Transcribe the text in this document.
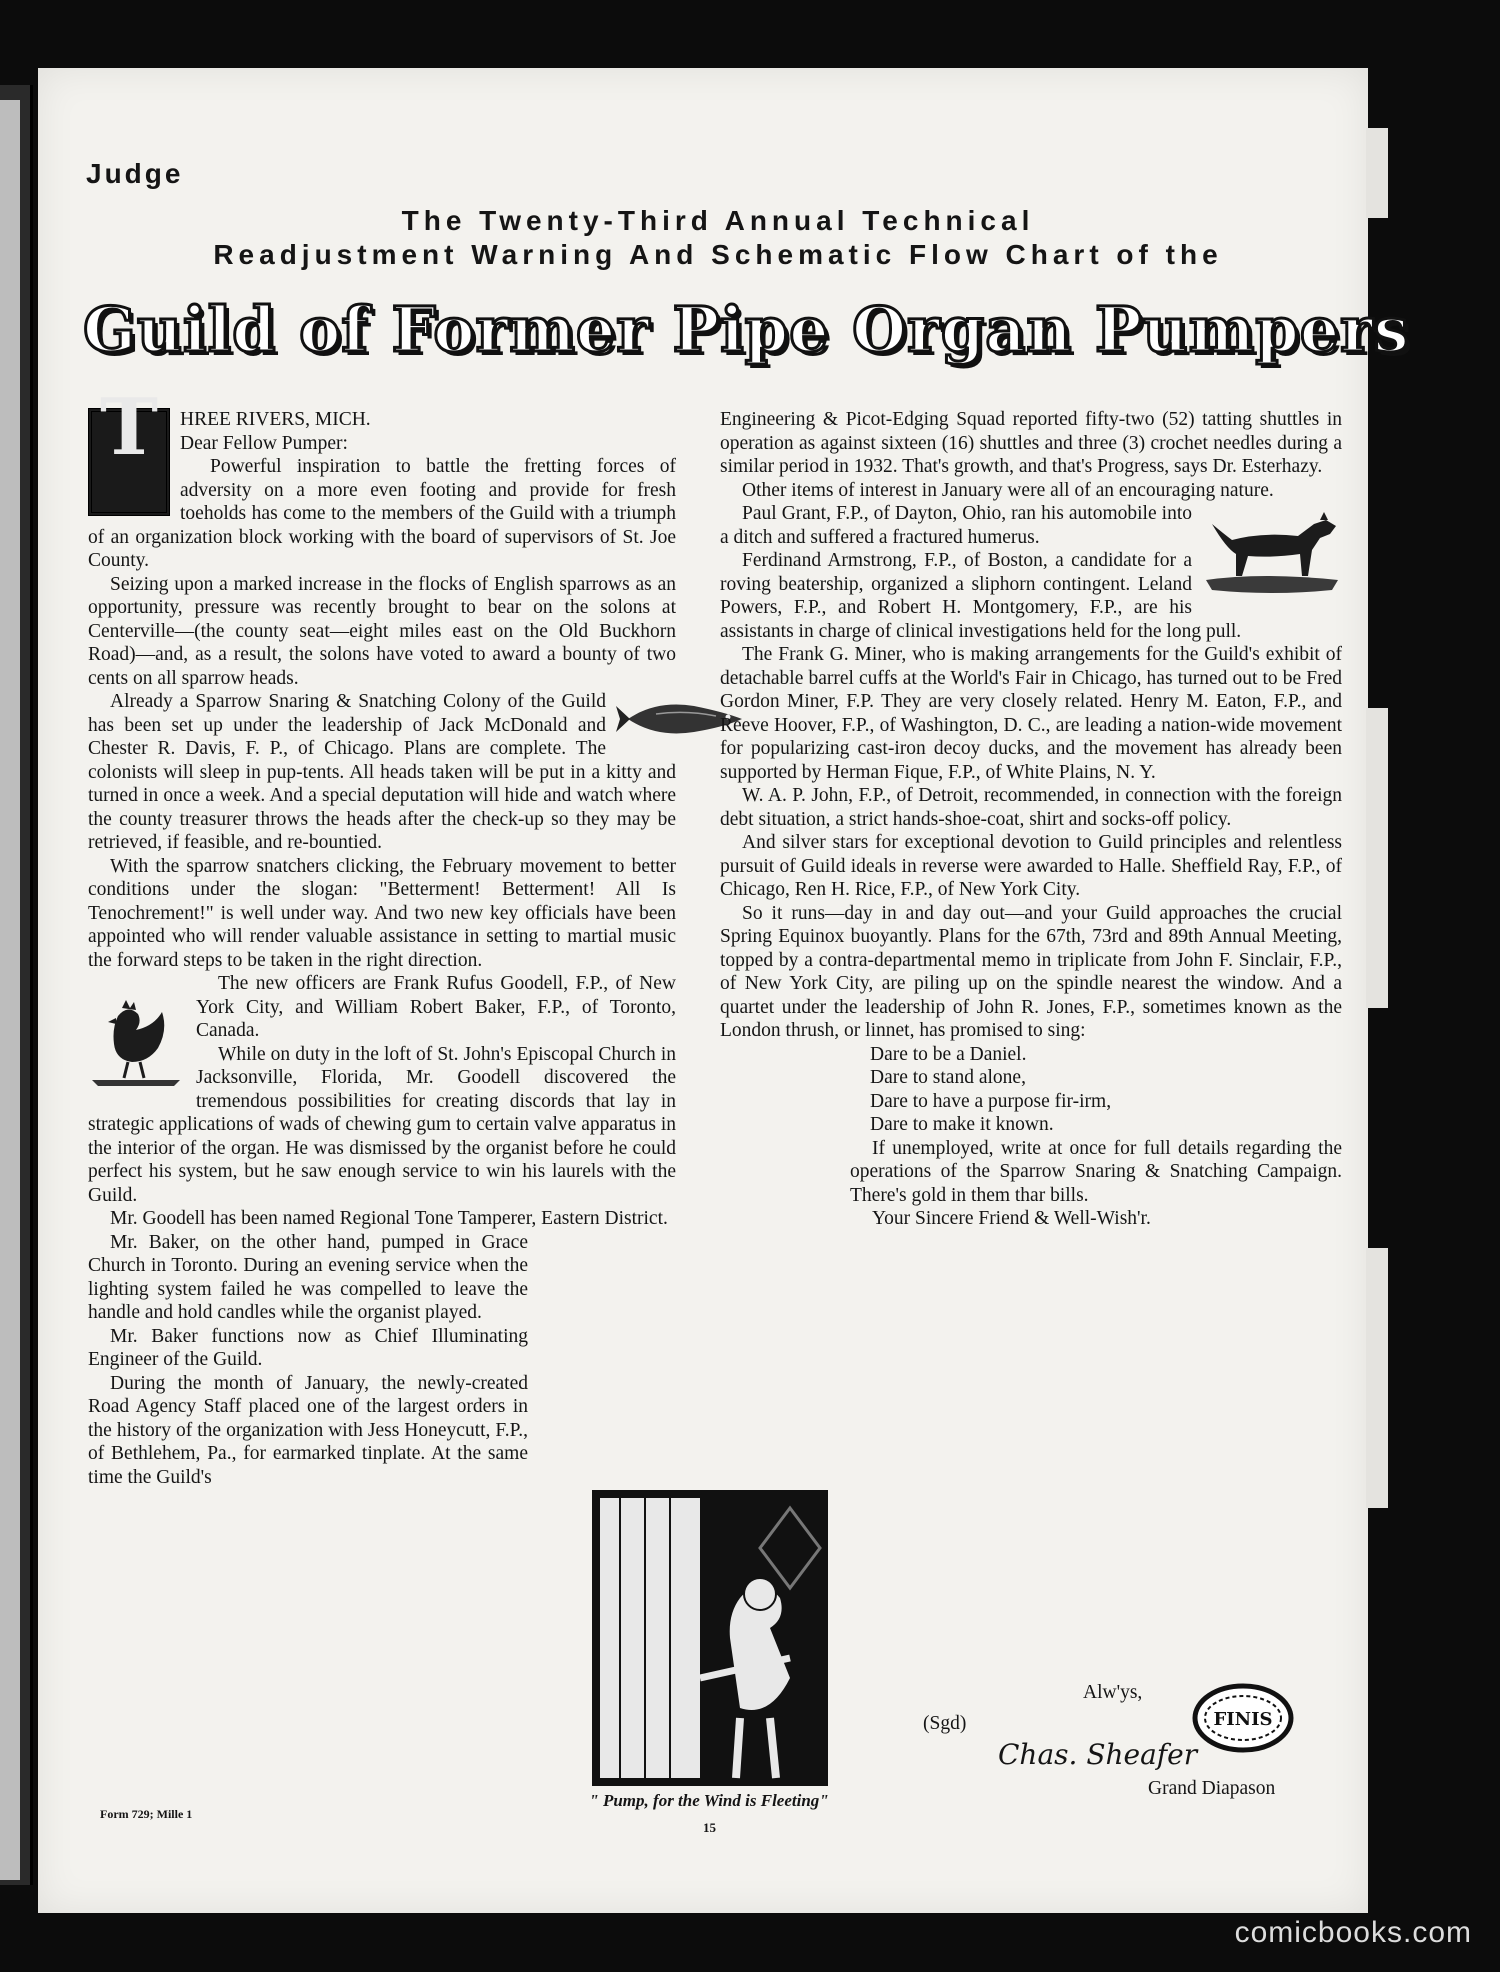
Judge
The Twenty-Third Annual Technical
Readjustment Warning And Schematic Flow Chart of the
Guild of Former Pipe Organ Pumpers
T	HREE RIVERS, MICH.

Dear Fellow Pumper:

Powerful inspiration to battle the fretting forces of adversity on a more even footing and provide for fresh toeholds has come to the members of the Guild with a triumph of an organization block working with the board of supervisors of St. Joe County.

Seizing upon a marked increase in the flocks of English sparrows as an opportunity, pressure was recently brought to bear on the solons at Centerville—(the county seat—eight miles east on the Old Buckhorn Road)—and, as a result, the solons have voted to award a bounty of two cents on all sparrow heads.

Already a Sparrow Snaring & Snatching Colony of the Guild has been set up under the leadership of Jack McDonald and Chester R. Davis, F. P., of Chicago. Plans are complete. The colonists will sleep in pup-tents. All heads taken will be put in a kitty and turned in once a week. And a special deputation will hide and watch where the county treasurer throws the heads after the check-up so they may be retrieved, if feasible, and re-bountied.

With the sparrow snatchers clicking, the February movement to better conditions under the slogan: "Betterment! Betterment! All Is Tenochrement!" is well under way. And two new key officials have been appointed who will render valuable assistance in setting to martial music the forward steps to be taken in the right direction.

The new officers are Frank Rufus Goodell, F.P., of New York City, and William Robert Baker, F.P., of Toronto, Canada.

While on duty in the loft of St. John's Episcopal Church in Jacksonville, Florida, Mr. Goodell discovered the tremendous possibilities for creating discords that lay in strategic applications of wads of chewing gum to certain valve apparatus in the interior of the organ. He was dismissed by the organist before he could perfect his system, but he saw enough service to win his laurels with the Guild.

Mr. Goodell has been named Regional Tone Tamperer, Eastern District.

Mr. Baker, on the other hand, pumped in Grace Church in Toronto. During an evening service when the lighting system failed he was compelled to leave the handle and hold candles while the organist played.

Mr. Baker functions now as Chief Illuminating Engineer of the Guild.

During the month of January, the newly-created Road Agency Staff placed one of the largest orders in the history of the organization with Jess Honeycutt, F.P., of Bethlehem, Pa., for earmarked tinplate. At the same time the Guild's

Engineering & Picot-Edging Squad reported fifty-two (52) tatting shuttles in operation as against sixteen (16) shuttles and three (3) crochet needles during a similar period in 1932. That's growth, and that's Progress, says Dr. Esterhazy.

Other items of interest in January were all of an encouraging nature.

Paul Grant, F.P., of Dayton, Ohio, ran his automobile into a ditch and suffered a fractured humerus.

Ferdinand Armstrong, F.P., of Boston, a candidate for a roving beatership, organized a sliphorn contingent. Leland Powers, F.P., and Robert H. Montgomery, F.P., are his assistants in charge of clinical investigations held for the long pull.

The Frank G. Miner, who is making arrangements for the Guild's exhibit of detachable barrel cuffs at the World's Fair in Chicago, has turned out to be Fred Gordon Miner, F.P. They are very closely related. Henry M. Eaton, F.P., and Reeve Hoover, F.P., of Washington, D. C., are leading a nation-wide movement for popularizing cast-iron decoy ducks, and the movement has already been supported by Herman Fique, F.P., of White Plains, N. Y.

W. A. P. John, F.P., of Detroit, recommended, in connection with the foreign debt situation, a strict hands-shoe-coat, shirt and socks-off policy.

And silver stars for exceptional devotion to Guild principles and relentless pursuit of Guild ideals in reverse were awarded to Halle. Sheffield Ray, F.P., of Chicago, Ren H. Rice, F.P., of New York City.

So it runs—day in and day out—and your Guild approaches the crucial Spring Equinox buoyantly. Plans for the 67th, 73rd and 89th Annual Meeting, topped by a contra-departmental memo in triplicate from John F. Sinclair, F.P., of New York City, are piling up on the spindle nearest the window. And a quartet under the leadership of John R. Jones, F.P., sometimes known as the London thrush, or linnet, has promised to sing:

Dare to be a Daniel.
Dare to stand alone,
Dare to have a purpose fir-irm,
Dare to make it known.

If unemployed, write at once for full details regarding the operations of the Sparrow Snaring & Snatching Campaign. There's gold in them thar bills.

Your Sincere Friend & Well-Wish'r.

Alw'ys,
(Sgd)
Chas. Sheafer
FINIS
Grand Diapason
" Pump, for the Wind is Fleeting"
Form 729; Mille 1
15
comicbooks.com
